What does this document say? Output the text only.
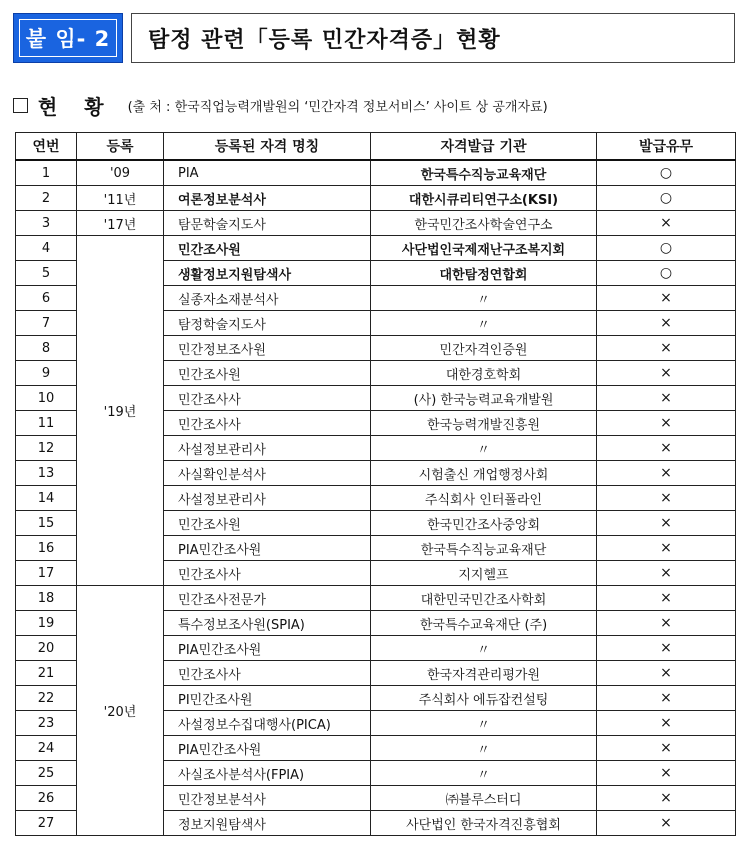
붙 임- 2	탐정 관련「등록 민간자격증」현황
현 황 (출 처 : 한국직업능력개발원의 ‘민간자격 정보서비스’ 사이트 상 공개자료)
연번	등록	등록된 자격 명칭	자격발급 기관	발급유무
1	'09	PIA	한국특수직능교육재단	○
2	'11년	여론정보분석사	대한시큐리티연구소(KSI)	○
3	'17년	탐문학술지도사	한국민간조사학술연구소	×
4	'19년	민간조사원	사단법인국제재난구조복지회	○
5		생활정보지원탐색사	대한탐정연합회	○
6		실종자소재분석사	〃	×
7		탐정학술지도사	〃	×
8		민간정보조사원	민간자격인증원	×
9		민간조사원	대한경호학회	×
10		민간조사사	(사) 한국능력교육개발원	×
11		민간조사사	한국능력개발진흥원	×
12		사설정보관리사	〃	×
13		사실확인분석사	시험출신 개업행정사회	×
14		사설정보관리사	주식회사 인터폴라인	×
15		민간조사원	한국민간조사중앙회	×
16		PIA민간조사원	한국특수직능교육재단	×
17		민간조사사	지지헬프	×
18	'20년	민간조사전문가	대한민국민간조사학회	×
19		특수정보조사원(SPIA)	한국특수교육재단 (주)	×
20		PIA민간조사원	〃	×
21		민간조사사	한국자격관리평가원	×
22		PI민간조사원	주식회사 에듀잡컨설팅	×
23		사설정보수집대행사(PICA)	〃	×
24		PIA민간조사원	〃	×
25		사실조사분석사(FPIA)	〃	×
26		민간정보분석사	㈜블루스터디	×
27		정보지원탐색사	사단법인 한국자격진흥협회	×
